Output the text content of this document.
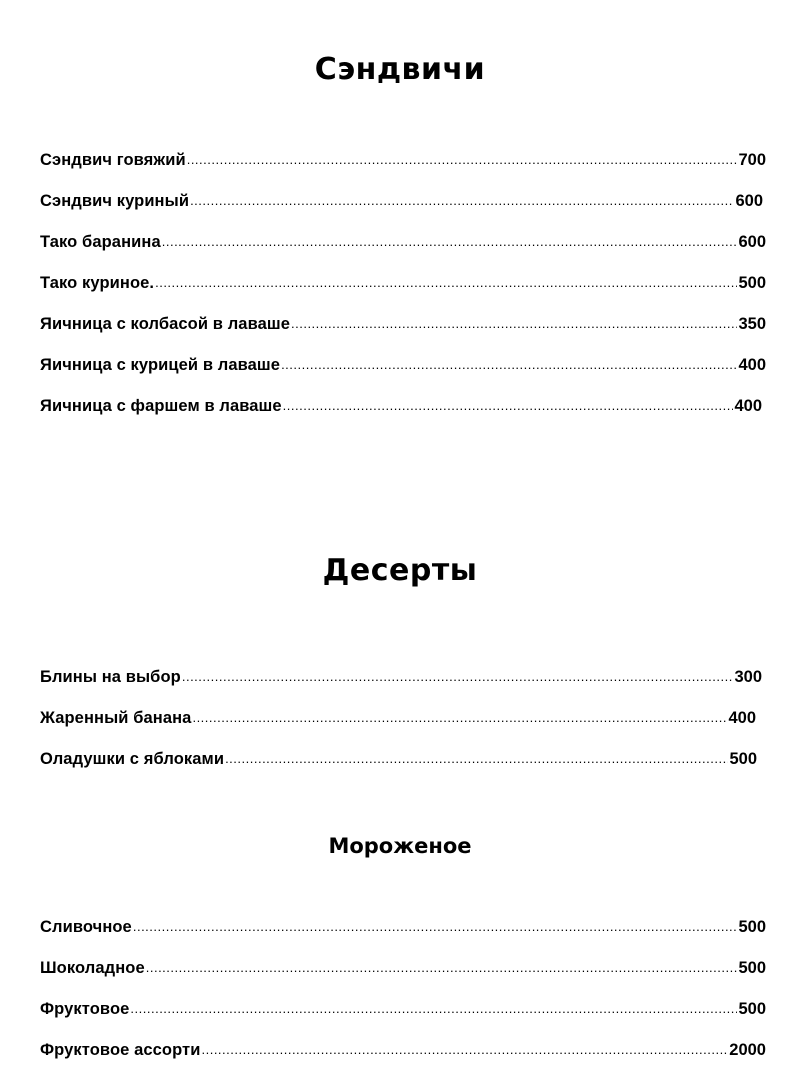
Сэндвичи
Сэндвич говяжий .....	700
Сэндвич куриный .....	600
Тако баранина .....	600
Тако куриное. .....	500
Яичница с колбасой в лаваше .....	350
Яичница с курицей в лаваше .....	400
Яичница с фаршем в лаваше .....	400
Десерты
Блины на выбор .....	300
Жаренный банана .....	400
Оладушки с яблоками .....	500
Мороженое
Сливочное .....	500
Шоколадное .....	500
Фруктовое .....	500
Фруктовое ассорти .....	2000
